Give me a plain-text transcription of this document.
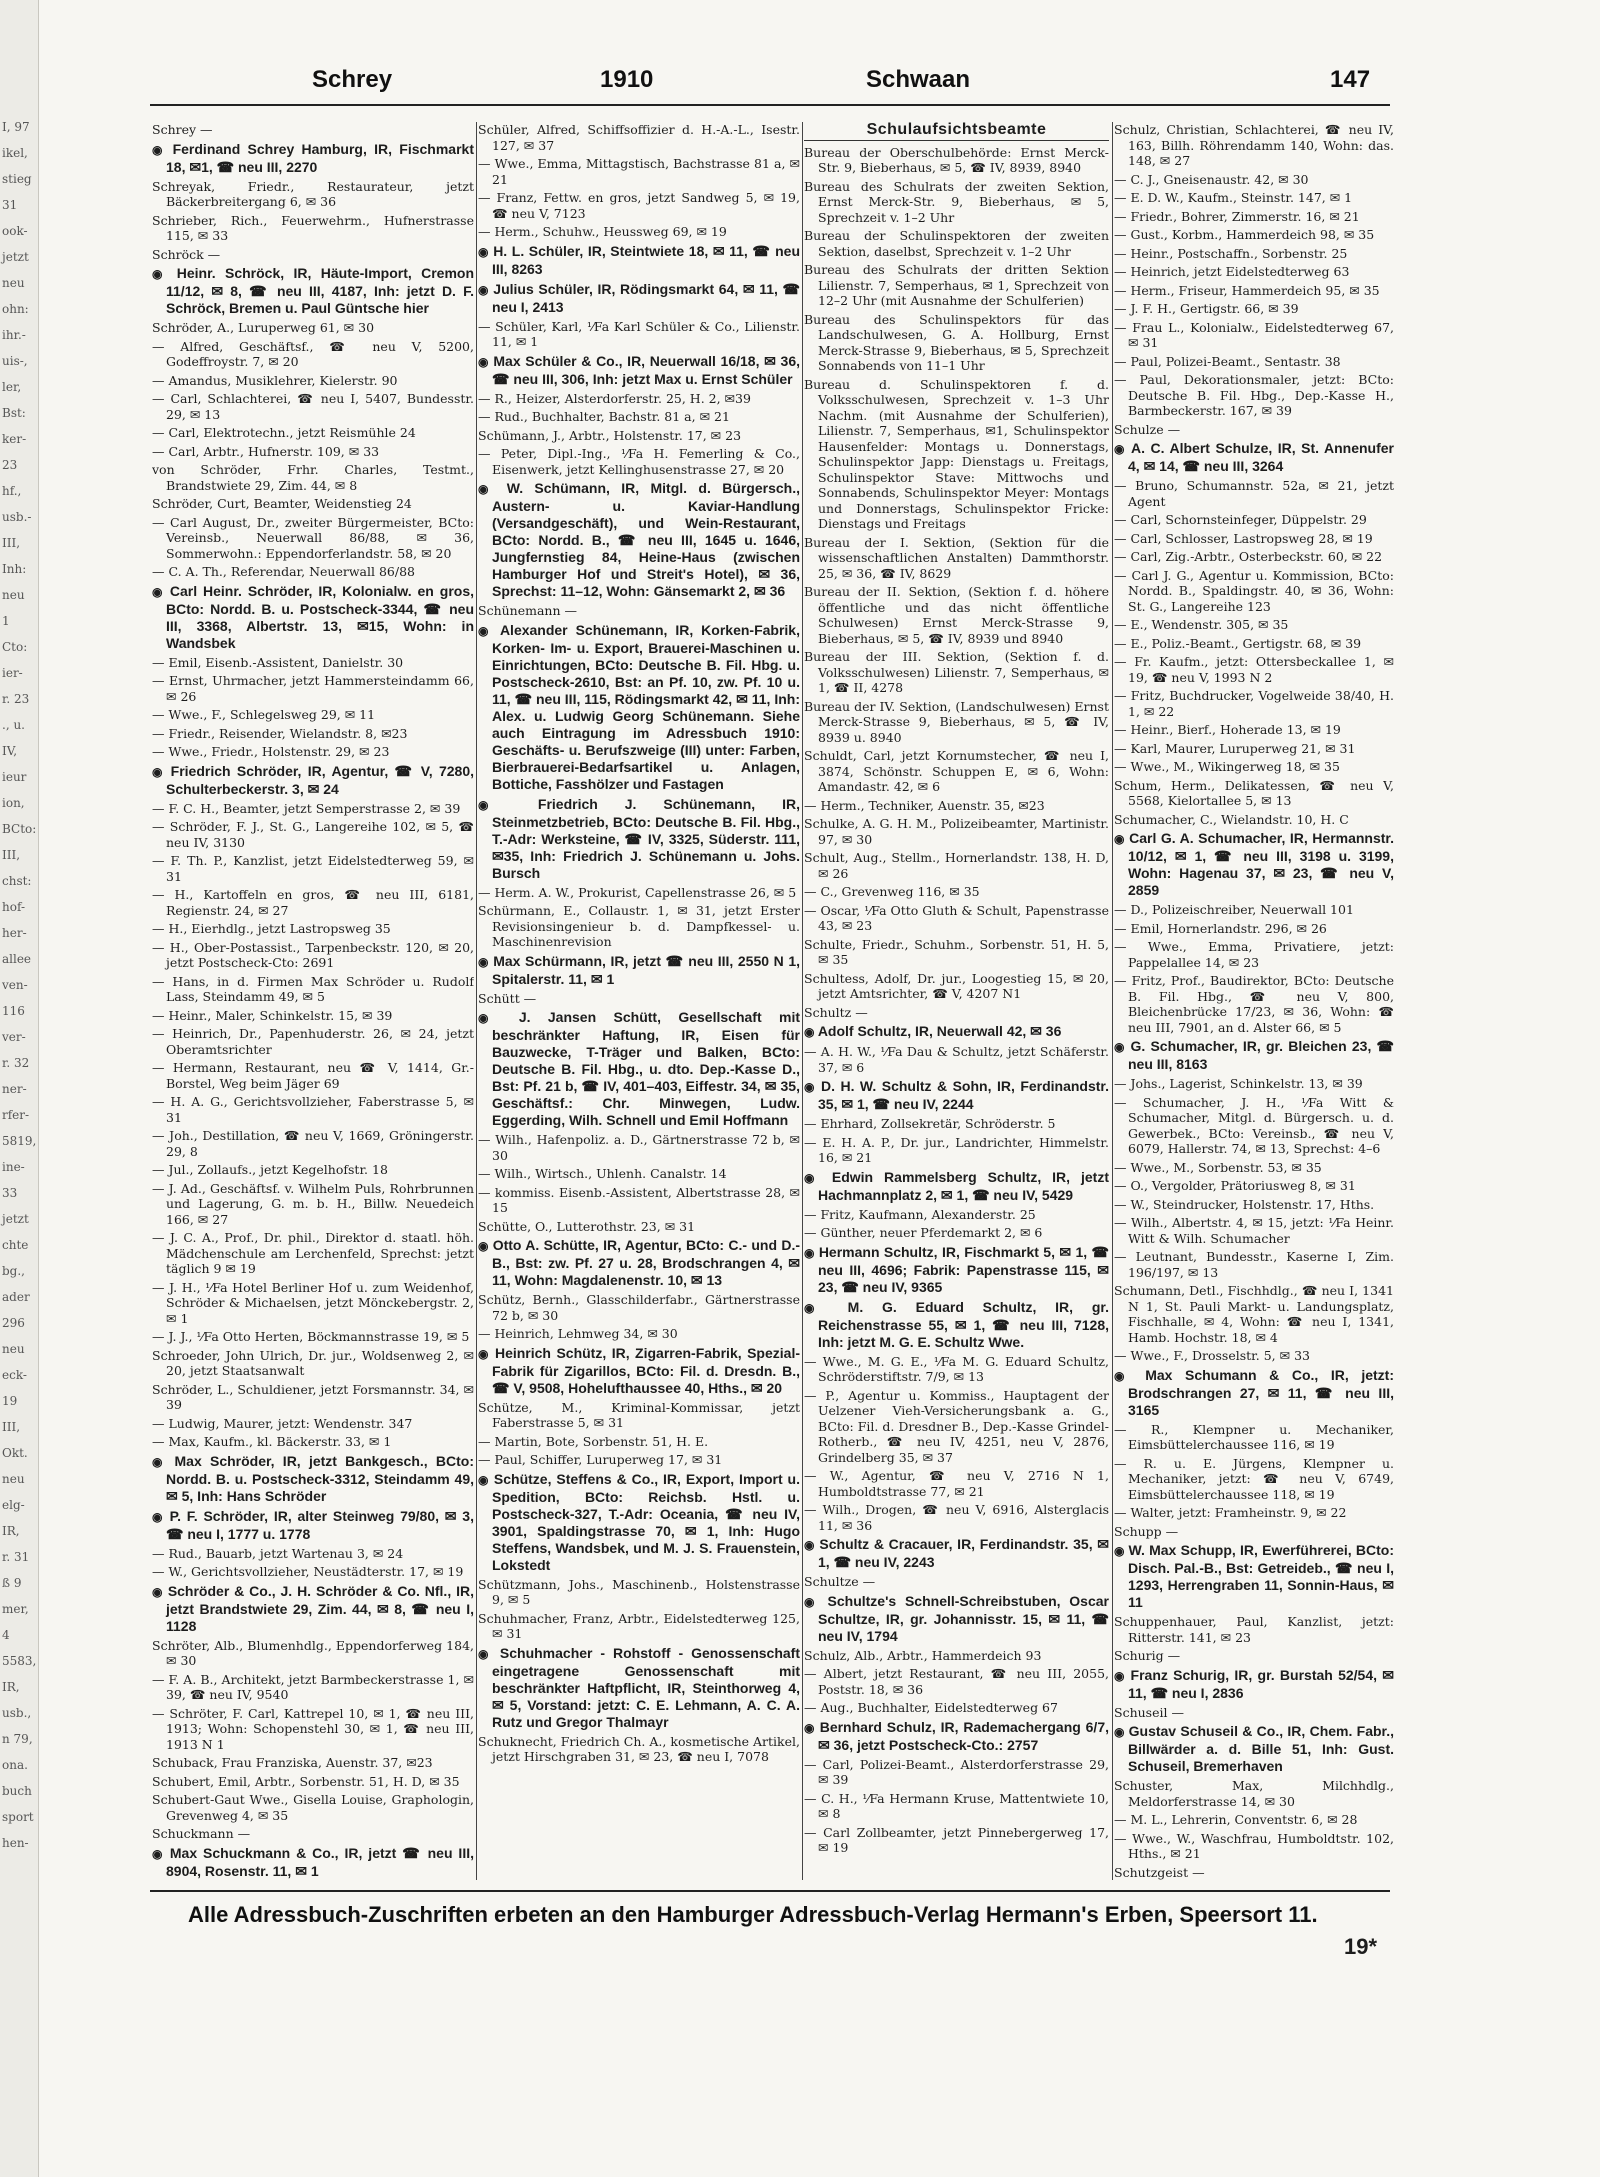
I, 97
ikel,
stieg
31
ook-
jetzt
neu
ohn:
ihr.-
uis-,
ler,
Bst:
ker-
23
hf.,
usb.-
III,
Inh:
neu
1
Cto:
ier-
r. 23
., u.
IV,
ieur
ion,
BCto:
III,
chst:
hof-
her-
allee
ven-
116
ver-
r. 32
ner-
rfer-
5819,
ine-
33
jetzt
chte
bg.,
ader
296
neu
eck-
19
III,
Okt.
neu
elg-
IR,
r. 31
ß 9
mer,
4
5583,
IR,
usb.,
n 79,
ona.
buch
sport
hen-
Schrey	1910	Schwaan	147
Schrey —
◉ Ferdinand Schrey Hamburg, IR, Fischmarkt 18, ✉1, ☎ neu III, 2270
Schreyak, Friedr., Restaurateur, jetzt Bäckerbreitergang 6, ✉ 36
Schrieber, Rich., Feuerwehrm., Hufnerstrasse 115, ✉ 33
Schröck —
◉ Heinr. Schröck, IR, Häute-Import, Cremon 11/12, ✉ 8, ☎ neu III, 4187, Inh: jetzt D. F. Schröck, Bremen u. Paul Güntsche hier
Schröder, A., Luruperweg 61, ✉ 30
— Alfred, Geschäftsf., ☎ neu V, 5200, Godeffroystr. 7, ✉ 20
— Amandus, Musiklehrer, Kielerstr. 90
— Carl, Schlachterei, ☎ neu I, 5407, Bundesstr. 29, ✉ 13
— Carl, Elektrotechn., jetzt Reismühle 24
— Carl, Arbtr., Hufnerstr. 109, ✉ 33
von Schröder, Frhr. Charles, Testmt., Brandstwiete 29, Zim. 44, ✉ 8
Schröder, Curt, Beamter, Weidenstieg 24
— Carl August, Dr., zweiter Bürgermeister, BCto: Vereinsb., Neuerwall 86/88, ✉ 36, Sommerwohn.: Eppendorferlandstr. 58, ✉ 20
— C. A. Th., Referendar, Neuerwall 86/88
◉ Carl Heinr. Schröder, IR, Kolonialw. en gros, BCto: Nordd. B. u. Postscheck-3344, ☎ neu III, 3368, Albertstr. 13, ✉15, Wohn: in Wandsbek
— Emil, Eisenb.-Assistent, Danielstr. 30
— Ernst, Uhrmacher, jetzt Hammersteindamm 66, ✉ 26
— Wwe., F., Schlegelsweg 29, ✉ 11
— Friedr., Reisender, Wielandstr. 8, ✉23
— Wwe., Friedr., Holstenstr. 29, ✉ 23
◉ Friedrich Schröder, IR, Agentur, ☎ V, 7280, Schulterbeckerstr. 3, ✉ 24
— F. C. H., Beamter, jetzt Semperstrasse 2, ✉ 39
— Schröder, F. J., St. G., Langereihe 102, ✉ 5, ☎ neu IV, 3130
— F. Th. P., Kanzlist, jetzt Eidelstedterweg 59, ✉ 31
— H., Kartoffeln en gros, ☎ neu III, 6181, Regienstr. 24, ✉ 27
— H., Eierhdlg., jetzt Lastropsweg 35
— H., Ober-Postassist., Tarpenbeckstr. 120, ✉ 20, jetzt Postscheck-Cto: 2691
— Hans, in d. Firmen Max Schröder u. Rudolf Lass, Steindamm 49, ✉ 5
— Heinr., Maler, Schinkelstr. 15, ✉ 39
— Heinrich, Dr., Papenhuderstr. 26, ✉ 24, jetzt Oberamtsrichter
— Hermann, Restaurant, neu ☎ V, 1414, Gr.-Borstel, Weg beim Jäger 69
— H. A. G., Gerichtsvollzieher, Faberstrasse 5, ✉ 31
— Joh., Destillation, ☎ neu V, 1669, Gröningerstr. 29, 8
— Jul., Zollaufs., jetzt Kegelhofstr. 18
— J. Ad., Geschäftsf. v. Wilhelm Puls, Rohrbrunnen und Lagerung, G. m. b. H., Billw. Neuedeich 166, ✉ 27
— J. C. A., Prof., Dr. phil., Direktor d. staatl. höh. Mädchenschule am Lerchenfeld, Sprechst: jetzt täglich 9 ✉ 19
— J. H., ⅟Fa Hotel Berliner Hof u. zum Weidenhof, Schröder & Michaelsen, jetzt Mönckebergstr. 2, ✉ 1
— J. J., ⅟Fa Otto Herten, Böckmannstrasse 19, ✉ 5
Schroeder, John Ulrich, Dr. jur., Woldsenweg 2, ✉ 20, jetzt Staatsanwalt
Schröder, L., Schuldiener, jetzt Forsmannstr. 34, ✉ 39
— Ludwig, Maurer, jetzt: Wendenstr. 347
— Max, Kaufm., kl. Bäckerstr. 33, ✉ 1
◉ Max Schröder, IR, jetzt Bankgesch., BCto: Nordd. B. u. Postscheck-3312, Steindamm 49, ✉ 5, Inh: Hans Schröder
◉ P. F. Schröder, IR, alter Steinweg 79/80, ✉ 3, ☎ neu I, 1777 u. 1778
— Rud., Bauarb, jetzt Wartenau 3, ✉ 24
— W., Gerichtsvollzieher, Neustädterstr. 17, ✉ 19
◉ Schröder & Co., J. H. Schröder & Co. Nfl., IR, jetzt Brandstwiete 29, Zim. 44, ✉ 8, ☎ neu I, 1128
Schröter, Alb., Blumenhdlg., Eppendorferweg 184, ✉ 30
— F. A. B., Architekt, jetzt Barmbeckerstrasse 1, ✉ 39, ☎ neu IV, 9540
— Schröter, F. Carl, Kattrepel 10, ✉ 1, ☎ neu III, 1913; Wohn: Schopenstehl 30, ✉ 1, ☎ neu III, 1913 N 1
Schuback, Frau Franziska, Auenstr. 37, ✉23
Schubert, Emil, Arbtr., Sorbenstr. 51, H. D, ✉ 35
Schubert-Gaut Wwe., Gisella Louise, Graphologin, Grevenweg 4, ✉ 35
Schuckmann —
◉ Max Schuckmann & Co., IR, jetzt ☎ neu III, 8904, Rosenstr. 11, ✉ 1
Schüler, Alfred, Schiffsoffizier d. H.-A.-L., Isestr. 127, ✉ 37
— Wwe., Emma, Mittagstisch, Bachstrasse 81 a, ✉ 21
— Franz, Fettw. en gros, jetzt Sandweg 5, ✉ 19, ☎ neu V, 7123
— Herm., Schuhw., Heussweg 69, ✉ 19
◉ H. L. Schüler, IR, Steintwiete 18, ✉ 11, ☎ neu III, 8263
◉ Julius Schüler, IR, Rödingsmarkt 64, ✉ 11, ☎ neu I, 2413
— Schüler, Karl, ⅟Fa Karl Schüler & Co., Lilienstr. 11, ✉ 1
◉ Max Schüler & Co., IR, Neuerwall 16/18, ✉ 36, ☎ neu III, 306, Inh: jetzt Max u. Ernst Schüler
— R., Heizer, Alsterdorferstr. 25, H. 2, ✉39
— Rud., Buchhalter, Bachstr. 81 a, ✉ 21
Schümann, J., Arbtr., Holstenstr. 17, ✉ 23
— Peter, Dipl.-Ing., ⅟Fa H. Femerling & Co., Eisenwerk, jetzt Kellinghusenstrasse 27, ✉ 20
◉ W. Schümann, IR, Mitgl. d. Bürgersch., Austern- u. Kaviar-Handlung (Versandgeschäft), und Wein-Restaurant, BCto: Nordd. B., ☎ neu III, 1645 u. 1646, Jungfernstieg 84, Heine-Haus (zwischen Hamburger Hof und Streit's Hotel), ✉ 36, Sprechst: 11–12, Wohn: Gänsemarkt 2, ✉ 36
Schünemann —
◉ Alexander Schünemann, IR, Korken-Fabrik, Korken- Im- u. Export, Brauerei-Maschinen u. Einrichtungen, BCto: Deutsche B. Fil. Hbg. u. Postscheck-2610, Bst: an Pf. 10, zw. Pf. 10 u. 11, ☎ neu III, 115, Rödingsmarkt 42, ✉ 11, Inh: Alex. u. Ludwig Georg Schünemann. Siehe auch Eintragung im Adressbuch 1910: Geschäfts- u. Berufszweige (III) unter: Farben, Bierbrauerei-Bedarfsartikel u. Anlagen, Bottiche, Fasshölzer und Fastagen
◉ Friedrich J. Schünemann, IR, Steinmetzbetrieb, BCto: Deutsche B. Fil. Hbg., T.-Adr: Werksteine, ☎ IV, 3325, Süderstr. 111, ✉35, Inh: Friedrich J. Schünemann u. Johs. Bursch
— Herm. A. W., Prokurist, Capellenstrasse 26, ✉ 5
Schürmann, E., Collaustr. 1, ✉ 31, jetzt Erster Revisionsingenieur b. d. Dampfkessel- u. Maschinenrevision
◉ Max Schürmann, IR, jetzt ☎ neu III, 2550 N 1, Spitalerstr. 11, ✉ 1
Schütt —
◉ J. Jansen Schütt, Gesellschaft mit beschränkter Haftung, IR, Eisen für Bauzwecke, T-Träger und Balken, BCto: Deutsche B. Fil. Hbg., u. dto. Dep.-Kasse D., Bst: Pf. 21 b, ☎ IV, 401–403, Eiffestr. 34, ✉ 35, Geschäftsf.: Chr. Minwegen, Ludw. Eggerding, Wilh. Schnell und Emil Hoffmann
— Wilh., Hafenpoliz. a. D., Gärtnerstrasse 72 b, ✉ 30
— Wilh., Wirtsch., Uhlenh. Canalstr. 14
— kommiss. Eisenb.-Assistent, Albertstrasse 28, ✉ 15
Schütte, O., Lutterothstr. 23, ✉ 31
◉ Otto A. Schütte, IR, Agentur, BCto: C.- und D.-B., Bst: zw. Pf. 27 u. 28, Brodschrangen 4, ✉ 11, Wohn: Magdalenenstr. 10, ✉ 13
Schütz, Bernh., Glasschilderfabr., Gärtnerstrasse 72 b, ✉ 30
— Heinrich, Lehmweg 34, ✉ 30
◉ Heinrich Schütz, IR, Zigarren-Fabrik, Spezial-Fabrik für Zigarillos, BCto: Fil. d. Dresdn. B., ☎ V, 9508, Hohelufthaussee 40, Hths., ✉ 20
Schütze, M., Kriminal-Kommissar, jetzt Faberstrasse 5, ✉ 31
— Martin, Bote, Sorbenstr. 51, H. E.
— Paul, Schiffer, Luruperweg 17, ✉ 31
◉ Schütze, Steffens & Co., IR, Export, Import u. Spedition, BCto: Reichsb. Hstl. u. Postscheck-327, T.-Adr: Oceania, ☎ neu IV, 3901, Spaldingstrasse 70, ✉ 1, Inh: Hugo Steffens, Wandsbek, und M. J. S. Frauenstein, Lokstedt
Schützmann, Johs., Maschinenb., Holstenstrasse 9, ✉ 5
Schuhmacher, Franz, Arbtr., Eidelstedterweg 125, ✉ 31
◉ Schuhmacher - Rohstoff - Genossenschaft eingetragene Genossenschaft mit beschränkter Haftpflicht, IR, Steinthorweg 4, ✉ 5, Vorstand: jetzt: C. E. Lehmann, A. C. A. Rutz und Gregor Thalmayr
Schuknecht, Friedrich Ch. A., kosmetische Artikel, jetzt Hirschgraben 31, ✉ 23, ☎ neu I, 7078
Schulaufsichtsbeamte
Bureau der Oberschulbehörde: Ernst Merck-Str. 9, Bieberhaus, ✉ 5, ☎ IV, 8939, 8940
Bureau des Schulrats der zweiten Sektion, Ernst Merck-Str. 9, Bieberhaus, ✉ 5, Sprechzeit v. 1–2 Uhr
Bureau der Schulinspektoren der zweiten Sektion, daselbst, Sprechzeit v. 1–2 Uhr
Bureau des Schulrats der dritten Sektion Lilienstr. 7, Semperhaus, ✉ 1, Sprechzeit von 12–2 Uhr (mit Ausnahme der Schulferien)
Bureau des Schulinspektors für das Landschulwesen, G. A. Hollburg, Ernst Merck-Strasse 9, Bieberhaus, ✉ 5, Sprechzeit Sonnabends von 11–1 Uhr
Bureau d. Schulinspektoren f. d. Volksschulwesen, Sprechzeit v. 1–3 Uhr Nachm. (mit Ausnahme der Schulferien), Lilienstr. 7, Semperhaus, ✉1, Schulinspektor Hausenfelder: Montags u. Donnerstags, Schulinspektor Japp: Dienstags u. Freitags, Schulinspektor Stave: Mittwochs und Sonnabends, Schulinspektor Meyer: Montags und Donnerstags, Schulinspektor Fricke: Dienstags und Freitags
Bureau der I. Sektion, (Sektion für die wissenschaftlichen Anstalten) Dammthorstr. 25, ✉ 36, ☎ IV, 8629
Bureau der II. Sektion, (Sektion f. d. höhere öffentliche und das nicht öffentliche Schulwesen) Ernst Merck-Strasse 9, Bieberhaus, ✉ 5, ☎ IV, 8939 und 8940
Bureau der III. Sektion, (Sektion f. d. Volksschulwesen) Lilienstr. 7, Semperhaus, ✉ 1, ☎ II, 4278
Bureau der IV. Sektion, (Landschulwesen) Ernst Merck-Strasse 9, Bieberhaus, ✉ 5, ☎ IV, 8939 u. 8940
Schuldt, Carl, jetzt Kornumstecher, ☎ neu I, 3874, Schönstr. Schuppen E, ✉ 6, Wohn: Amandastr. 42, ✉ 6
— Herm., Techniker, Auenstr. 35, ✉23
Schulke, A. G. H. M., Polizeibeamter, Martinistr. 97, ✉ 30
Schult, Aug., Stellm., Hornerlandstr. 138, H. D, ✉ 26
— C., Grevenweg 116, ✉ 35
— Oscar, ⅟Fa Otto Gluth & Schult, Papenstrasse 43, ✉ 23
Schulte, Friedr., Schuhm., Sorbenstr. 51, H. 5, ✉ 35
Schultess, Adolf, Dr. jur., Loogestieg 15, ✉ 20, jetzt Amtsrichter, ☎ V, 4207 N1
Schultz —
◉ Adolf Schultz, IR, Neuerwall 42, ✉ 36
— A. H. W., ⅟Fa Dau & Schultz, jetzt Schäferstr. 37, ✉ 6
◉ D. H. W. Schultz & Sohn, IR, Ferdinandstr. 35, ✉ 1, ☎ neu IV, 2244
— Ehrhard, Zollsekretär, Schröderstr. 5
— E. H. A. P., Dr. jur., Landrichter, Himmelstr. 16, ✉ 21
◉ Edwin Rammelsberg Schultz, IR, jetzt Hachmannplatz 2, ✉ 1, ☎ neu IV, 5429
— Fritz, Kaufmann, Alexanderstr. 25
— Günther, neuer Pferdemarkt 2, ✉ 6
◉ Hermann Schultz, IR, Fischmarkt 5, ✉ 1, ☎ neu III, 4696; Fabrik: Papenstrasse 115, ✉ 23, ☎ neu IV, 9365
◉ M. G. Eduard Schultz, IR, gr. Reichenstrasse 55, ✉ 1, ☎ neu III, 7128, Inh: jetzt M. G. E. Schultz Wwe.
— Wwe., M. G. E., ⅟Fa M. G. Eduard Schultz, Schröderstiftstr. 7/9, ✉ 13
— P., Agentur u. Kommiss., Hauptagent der Uelzener Vieh-Versicherungsbank a. G., BCto: Fil. d. Dresdner B., Dep.-Kasse Grindel-Rotherb., ☎ neu IV, 4251, neu V, 2876, Grindelberg 35, ✉ 37
— W., Agentur, ☎ neu V, 2716 N 1, Humboldtstrasse 77, ✉ 21
— Wilh., Drogen, ☎ neu V, 6916, Alsterglacis 11, ✉ 36
◉ Schultz & Cracauer, IR, Ferdinandstr. 35, ✉ 1, ☎ neu IV, 2243
Schultze —
◉ Schultze's Schnell-Schreibstuben, Oscar Schultze, IR, gr. Johannisstr. 15, ✉ 11, ☎ neu IV, 1794
Schulz, Alb., Arbtr., Hammerdeich 93
— Albert, jetzt Restaurant, ☎ neu III, 2055, Poststr. 18, ✉ 36
— Aug., Buchhalter, Eidelstedterweg 67
◉ Bernhard Schulz, IR, Rademachergang 6/7, ✉ 36, jetzt Postscheck-Cto.: 2757
— Carl, Polizei-Beamt., Alsterdorferstrasse 29, ✉ 39
— C. H., ⅟Fa Hermann Kruse, Mattentwiete 10, ✉ 8
— Carl Zollbeamter, jetzt Pinnebergerweg 17, ✉ 19
Schulz, Christian, Schlachterei, ☎ neu IV, 163, Billh. Röhrendamm 140, Wohn: das. 148, ✉ 27
— C. J., Gneisenaustr. 42, ✉ 30
— E. D. W., Kaufm., Steinstr. 147, ✉ 1
— Friedr., Bohrer, Zimmerstr. 16, ✉ 21
— Gust., Korbm., Hammerdeich 98, ✉ 35
— Heinr., Postschaffn., Sorbenstr. 25
— Heinrich, jetzt Eidelstedterweg 63
— Herm., Friseur, Hammerdeich 95, ✉ 35
— J. F. H., Gertigstr. 66, ✉ 39
— Frau L., Kolonialw., Eidelstedterweg 67, ✉ 31
— Paul, Polizei-Beamt., Sentastr. 38
— Paul, Dekorationsmaler, jetzt: BCto: Deutsche B. Fil. Hbg., Dep.-Kasse H., Barmbeckerstr. 167, ✉ 39
Schulze —
◉ A. C. Albert Schulze, IR, St. Annenufer 4, ✉ 14, ☎ neu III, 3264
— Bruno, Schumannstr. 52a, ✉ 21, jetzt Agent
— Carl, Schornsteinfeger, Düppelstr. 29
— Carl, Schlosser, Lastropsweg 28, ✉ 19
— Carl, Zig.-Arbtr., Osterbeckstr. 60, ✉ 22
— Carl J. G., Agentur u. Kommission, BCto: Nordd. B., Spaldingstr. 40, ✉ 36, Wohn: St. G., Langereihe 123
— E., Wendenstr. 305, ✉ 35
— E., Poliz.-Beamt., Gertigstr. 68, ✉ 39
— Fr. Kaufm., jetzt: Ottersbeckallee 1, ✉ 19, ☎ neu V, 1993 N 2
— Fritz, Buchdrucker, Vogelweide 38/40, H. 1, ✉ 22
— Heinr., Bierf., Hoherade 13, ✉ 19
— Karl, Maurer, Luruperweg 21, ✉ 31
— Wwe., M., Wikingerweg 18, ✉ 35
Schum, Herm., Delikatessen, ☎ neu V, 5568, Kielortallee 5, ✉ 13
Schumacher, C., Wielandstr. 10, H. C
◉ Carl G. A. Schumacher, IR, Hermannstr. 10/12, ✉ 1, ☎ neu III, 3198 u. 3199, Wohn: Hagenau 37, ✉ 23, ☎ neu V, 2859
— D., Polizeischreiber, Neuerwall 101
— Emil, Hornerlandstr. 296, ✉ 26
— Wwe., Emma, Privatiere, jetzt: Pappelallee 14, ✉ 23
— Fritz, Prof., Baudirektor, BCto: Deutsche B. Fil. Hbg., ☎ neu V, 800, Bleichenbrücke 17/23, ✉ 36, Wohn: ☎ neu III, 7901, an d. Alster 66, ✉ 5
◉ G. Schumacher, IR, gr. Bleichen 23, ☎ neu III, 8163
— Johs., Lagerist, Schinkelstr. 13, ✉ 39
— Schumacher, J. H., ⅟Fa Witt & Schumacher, Mitgl. d. Bürgersch. u. d. Gewerbek., BCto: Vereinsb., ☎ neu V, 6079, Hallerstr. 74, ✉ 13, Sprechst: 4–6
— Wwe., M., Sorbenstr. 53, ✉ 35
— O., Vergolder, Prätoriusweg 8, ✉ 31
— W., Steindrucker, Holstenstr. 17, Hths.
— Wilh., Albertstr. 4, ✉ 15, jetzt: ⅟Fa Heinr. Witt & Wilh. Schumacher
— Leutnant, Bundesstr., Kaserne I, Zim. 196/197, ✉ 13
Schumann, Detl., Fischhdlg., ☎ neu I, 1341 N 1, St. Pauli Markt- u. Landungsplatz, Fischhalle, ✉ 4, Wohn: ☎ neu I, 1341, Hamb. Hochstr. 18, ✉ 4
— Wwe., F., Drosselstr. 5, ✉ 33
◉ Max Schumann & Co., IR, jetzt: Brodschrangen 27, ✉ 11, ☎ neu III, 3165
— R., Klempner u. Mechaniker, Eimsbüttelerchaussee 116, ✉ 19
— R. u. E. Jürgens, Klempner u. Mechaniker, jetzt: ☎ neu V, 6749, Eimsbüttelerchaussee 118, ✉ 19
— Walter, jetzt: Framheinstr. 9, ✉ 22
Schupp —
◉ W. Max Schupp, IR, Ewerführerei, BCto: Disch. Pal.-B., Bst: Getreideb., ☎ neu I, 1293, Herrengraben 11, Sonnin-Haus, ✉ 11
Schuppenhauer, Paul, Kanzlist, jetzt: Ritterstr. 141, ✉ 23
Schurig —
◉ Franz Schurig, IR, gr. Burstah 52/54, ✉ 11, ☎ neu I, 2836
Schuseil —
◉ Gustav Schuseil & Co., IR, Chem. Fabr., Billwärder a. d. Bille 51, Inh: Gust. Schuseil, Bremerhaven
Schuster, Max, Milchhdlg., Meldorferstrasse 14, ✉ 30
— M. L., Lehrerin, Conventstr. 6, ✉ 28
— Wwe., W., Waschfrau, Humboldtstr. 102, Hths., ✉ 21
Schutzgeist —
Alle Adressbuch-Zuschriften erbeten an den Hamburger Adressbuch-Verlag Hermann's Erben, Speersort 11.
19*
